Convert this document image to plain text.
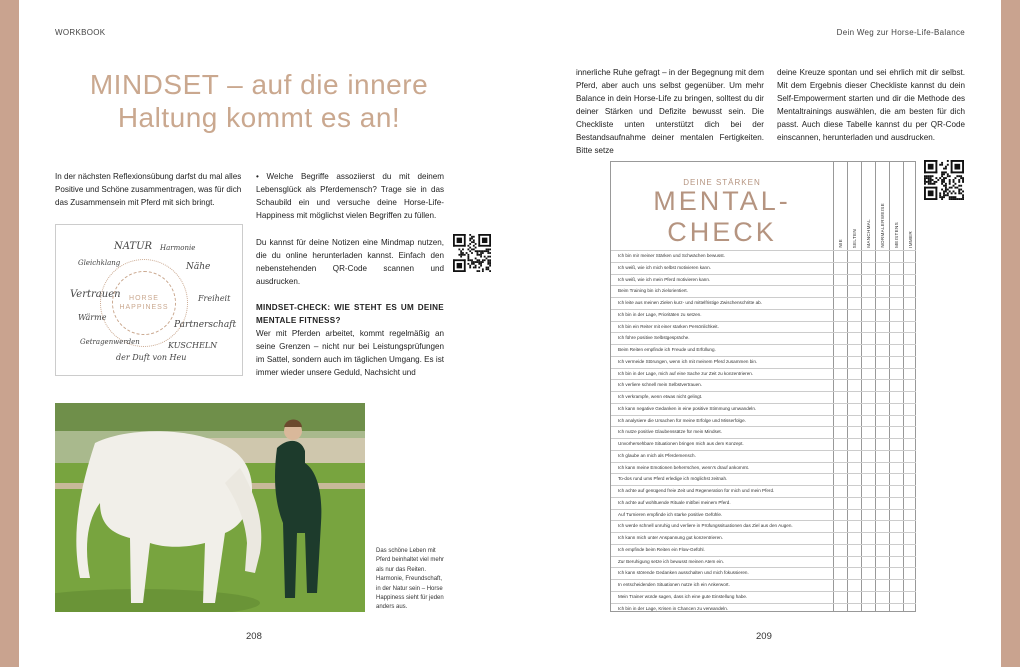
WORKBOOK
MINDSET – auf die innere
Haltung kommt es an!
In der nächsten Reflexionsübung darfst du mal alles Positive und Schöne zusammentragen, was für dich das Zusammensein mit Pferd mit sich bringt.
• Welche Begriffe assoziierst du mit deinem Lebensglück als Pferdemensch? Trage sie in das Schaubild ein und versuche deine Horse-Life-Happiness mit möglichst vielen Begriffen zu füllen.
Du kannst für deine Notizen eine Mindmap nutzen, die du online herunterladen kannst. Einfach den nebenstehenden QR-Code scannen und ausdrucken.
MINDSET-CHECK: WIE STEHT ES UM DEINE MENTALE FITNESS?
Wer mit Pferden arbeitet, kommt regelmäßig an seine Grenzen – nicht nur bei Leistungsprüfungen im Sattel, sondern auch im täglichen Umgang. Es ist immer wieder unsere Geduld, Nachsicht und
HORSE
HAPPINESS
NATUR Harmonie
Gleichklang	Nähe
Vertrauen	Freiheit
Wärme
Partnerschaft
Getragenwerden	KUSCHELN
der Duft von Heu
Das schöne Leben mit Pferd beinhaltet viel mehr als nur das Reiten. Harmonie, Freundschaft, in der Natur sein – Horse Happiness sieht für jeden anders aus.
208
Dein Weg zur Horse-Life-Balance
innerliche Ruhe gefragt – in der Begegnung mit dem Pferd, aber auch uns selbst gegenüber. Um mehr Balance in dein Horse-Life zu bringen, solltest du dir deiner Stärken und Defizite bewusst sein. Die Checkliste unten unterstützt dich bei der Bestandsaufnahme deiner mentalen Fertigkeiten. Bitte setze
deine Kreuze spontan und sei ehrlich mit dir selbst. Mit dem Ergebnis dieser Checkliste kannst du dein Self-Empowerment starten und dir die Methode des Mentaltrainings auswählen, die am besten für dich passt. Auch diese Tabelle kannst du per QR-Code einscannen, herunterladen und ausdrucken.
DEINE STÄRKEN
MENTAL-CHECK	NIE SELTEN MANCHMAL NORMALERWEISE MEISTENS IMMER
Ich bin mir meiner Stärken und Schwächen bewusst.
Ich weiß, wie ich mich selbst motivieren kann.
Ich weiß, wie ich mein Pferd motivieren kann.
Beim Training bin ich zielorientiert.
Ich leite aus meinen Zielen kurz- und mittelfristige Zwischenschritte ab.
Ich bin in der Lage, Prioritäten zu setzen.
Ich bin ein Reiter mit einer starken Persönlichkeit.
Ich führe positive Selbstgespräche.
Beim Reiten empfinde ich Freude und Erfüllung.
Ich vermeide Störungen, wenn ich mit meinem Pferd zusammen bin.
Ich bin in der Lage, mich auf eine Sache zur Zeit zu konzentrieren.
Ich verliere schnell mein Selbstvertrauen.
Ich verkrampfe, wenn etwas nicht gelingt.
Ich kann negative Gedanken in eine positive Stimmung umwandeln.
Ich analysiere die Ursachen für meine Erfolge und Misserfolge.
Ich nutze positive Glaubenssätze für mein Mindset.
Unvorhersehbare Situationen bringen mich aus dem Konzept.
Ich glaube an mich als Pferdemensch.
Ich kann meine Emotionen beherrschen, wenn's drauf ankommt.
To-dos rund ums Pferd erledige ich möglichst zeitnah.
Ich achte auf genügend freie Zeit und Regeneration für mich und mein Pferd.
Ich achte auf wohltuende Rituale mit/bei meinem Pferd.
Auf Turnieren empfinde ich starke positive Gefühle.
Ich werde schnell unruhig und verliere in Prüfungssituationen das Ziel aus den Augen.
Ich kann mich unter Anspannung gut konzentrieren.
Ich empfinde beim Reiten ein Flow-Gefühl.
Zur Beruhigung setze ich bewusst meinen Atem ein.
Ich kann störende Gedanken ausschalten und mich fokussieren.
In entscheidenden Situationen nutze ich ein Ankerwort.
Mein Trainer würde sagen, dass ich eine gute Einstellung habe.
Ich bin in der Lage, Krisen in Chancen zu verwandeln.
209
